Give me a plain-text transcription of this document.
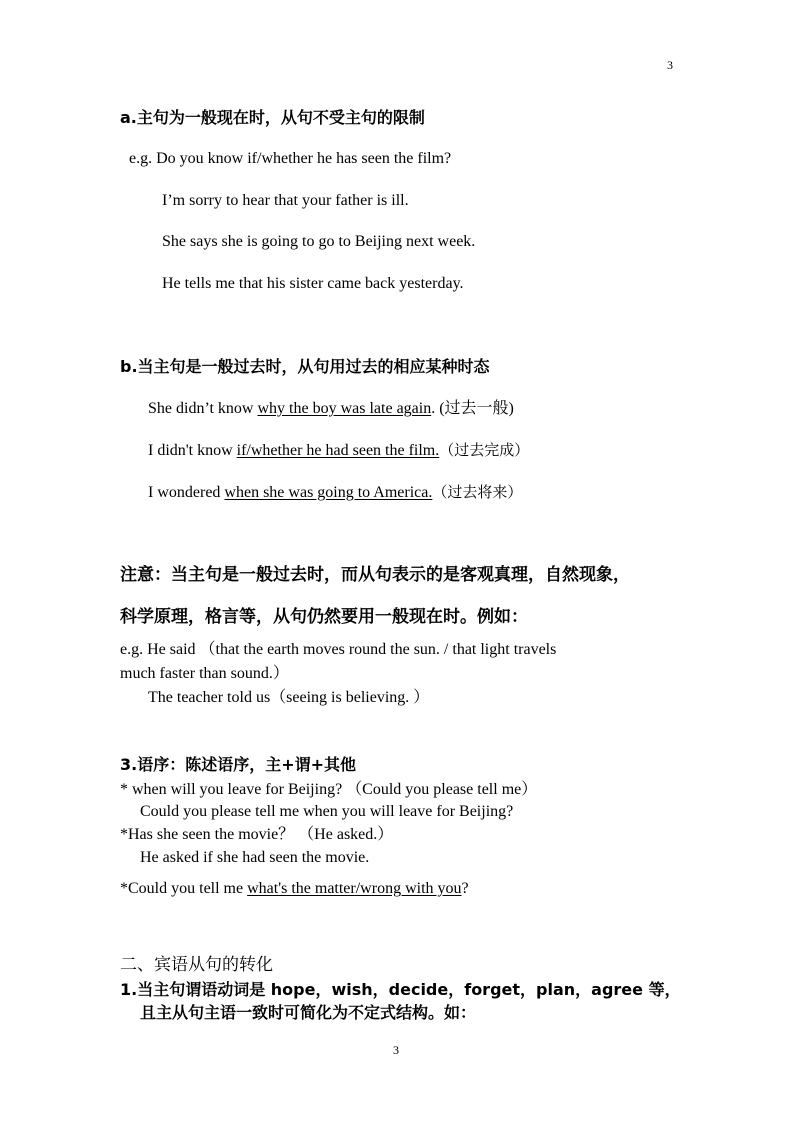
3
a.主句为一般现在时，从句不受主句的限制
e.g. Do you know if/whether he has seen the film?
I’m sorry to hear that your father is ill.
She says she is going to go to Beijing next week.
He tells me that his sister came back yesterday.
b.当主句是一般过去时，从句用过去的相应某种时态
She didn’t know why the boy was late again. (过去一般)
I didn't know if/whether he had seen the film.（过去完成）
I wondered when she was going to America.（过去将来）
注意：当主句是一般过去时，而从句表示的是客观真理，自然现象，
科学原理，格言等，从句仍然要用一般现在时。例如：
e.g. He said （that the earth moves round the sun. / that light travels
much faster than sound.）
The teacher told us（seeing is believing. ）
3.语序：陈述语序，主+谓+其他
* when will you leave for Beijing? （Could you please tell me）
Could you please tell me when you will leave for Beijing?
*Has she seen the movie？ （He asked.）
He asked if she had seen the movie.
*Could you tell me what's the matter/wrong with you?
二、宾语从句的转化
1.当主句谓语动词是 hope，wish，decide，forget，plan，agree 等，
且主从句主语一致时可简化为不定式结构。如：
3
